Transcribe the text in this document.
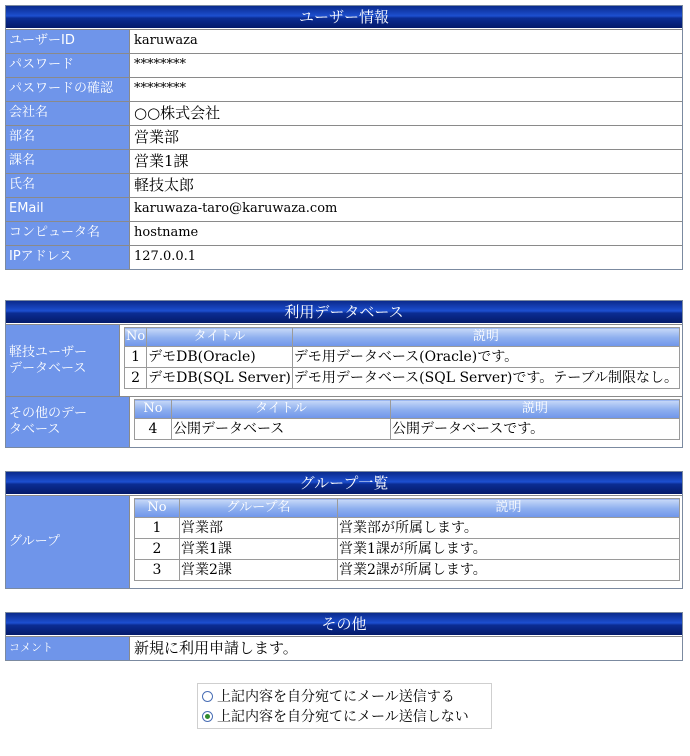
ユーザー情報
ユーザーID	karuwaza
パスワード	********
パスワードの確認	********
会社名	○○株式会社
部名	営業部
課名	営業1課
氏名	軽技太郎
EMail	karuwaza-taro@karuwaza.com
コンピュータ名	hostname
IPアドレス	127.0.0.1
利用データベース
軽技ユーザーデータベース
No	タイトル	説明
1	デモDB(Oracle)	デモ用データベース(Oracle)です。
2	デモDB(SQL Server)	デモ用データベース(SQL Server)です。テーブル制限なし。
その他のデータベース
No	タイトル	説明
4	公開データベース	公開データベースです。
グループ一覧
グループ
No	グループ名	説明
1	営業部	営業部が所属します。
2	営業1課	営業1課が所属します。
3	営業2課	営業2課が所属します。
その他
コメント	新規に利用申請します。
上記内容を自分宛てにメール送信する
上記内容を自分宛てにメール送信しない
